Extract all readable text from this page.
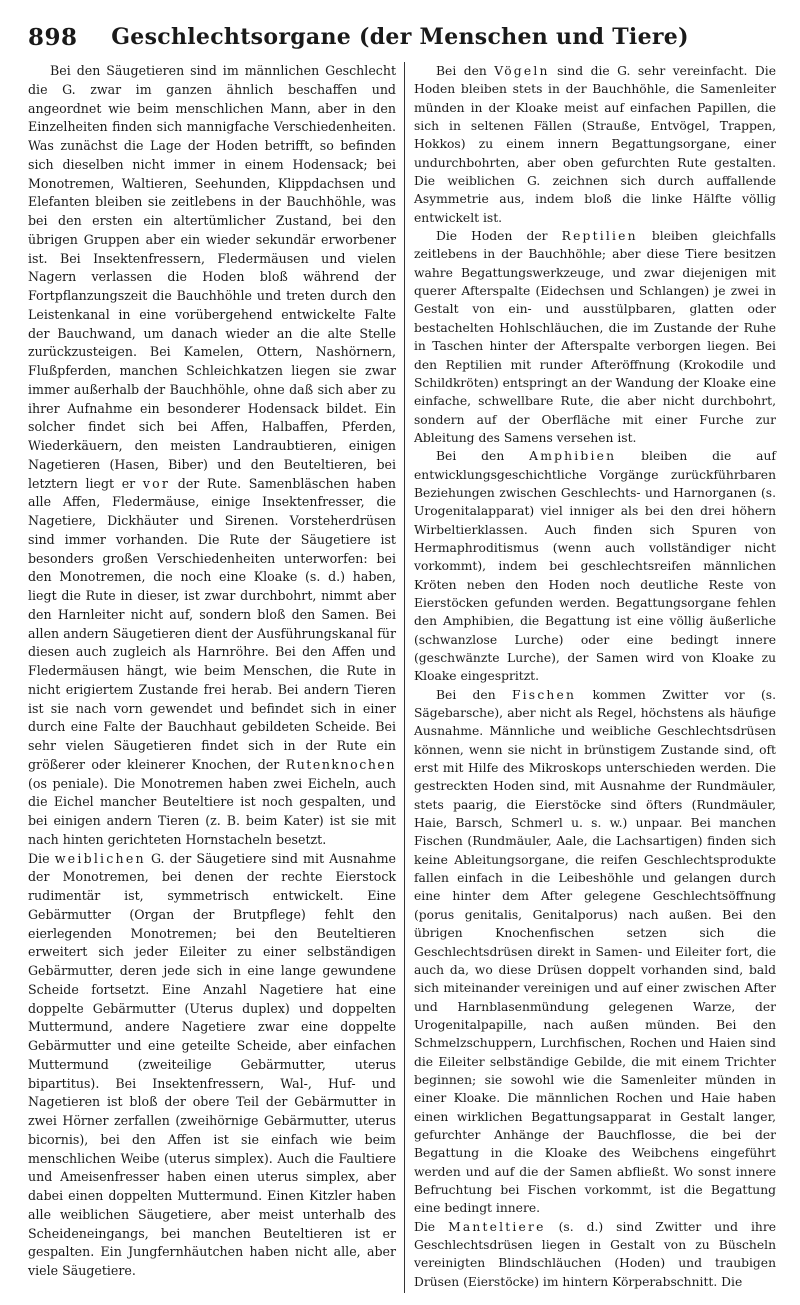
898	Geschlechtsorgane (der Menschen und Tiere)

Bei den Säugetieren sind im männlichen Geschlecht die G. zwar im ganzen ähnlich beschaffen und angeordnet wie beim menschlichen Mann, aber in den Einzelheiten finden sich mannigfache Verschiedenheiten. Was zunächst die Lage der Hoden betrifft, so befinden sich dieselben nicht immer in einem Hodensack; bei Monotremen, Waltieren, Seehunden, Klippdachsen und Elefanten bleiben sie zeitlebens in der Bauchhöhle, was bei den ersten ein altertümlicher Zustand, bei den übrigen Gruppen aber ein wieder sekundär erworbener ist. Bei Insektenfressern, Fledermäusen und vielen Nagern verlassen die Hoden bloß während der Fortpflanzungszeit die Bauchhöhle und treten durch den Leistenkanal in eine vorübergehend entwickelte Falte der Bauchwand, um danach wieder an die alte Stelle zurückzusteigen. Bei Kamelen, Ottern, Nashörnern, Flußpferden, manchen Schleichkatzen liegen sie zwar immer außerhalb der Bauchhöhle, ohne daß sich aber zu ihrer Aufnahme ein besonderer Hodensack bildet. Ein solcher findet sich bei Affen, Halbaffen, Pferden, Wiederkäuern, den meisten Landraubtieren, einigen Nagetieren (Hasen, Biber) und den Beuteltieren, bei letztern liegt er vor der Rute. Samenbläschen haben alle Affen, Fledermäuse, einige Insektenfresser, die Nagetiere, Dickhäuter und Sirenen. Vorsteherdrüsen sind immer vorhanden. Die Rute der Säugetiere ist besonders großen Verschiedenheiten unterworfen: bei den Monotremen, die noch eine Kloake (s. d.) haben, liegt die Rute in dieser, ist zwar durchbohrt, nimmt aber den Harnleiter nicht auf, sondern bloß den Samen. Bei allen andern Säugetieren dient der Ausführungskanal für diesen auch zugleich als Harnröhre. Bei den Affen und Fledermäusen hängt, wie beim Menschen, die Rute in nicht erigiertem Zustande frei herab. Bei andern Tieren ist sie nach vorn gewendet und befindet sich in einer durch eine Falte der Bauchhaut gebildeten Scheide. Bei sehr vielen Säugetieren findet sich in der Rute ein größerer oder kleinerer Knochen, der Rutenknochen (os peniale). Die Monotremen haben zwei Eicheln, auch die Eichel mancher Beuteltiere ist noch gespalten, und bei einigen andern Tieren (z. B. beim Kater) ist sie mit nach hinten gerichteten Hornstacheln besetzt.

Die weiblichen G. der Säugetiere sind mit Ausnahme der Monotremen, bei denen der rechte Eierstock rudimentär ist, symmetrisch entwickelt. Eine Gebärmutter (Organ der Brutpflege) fehlt den eierlegenden Monotremen; bei den Beuteltieren erweitert sich jeder Eileiter zu einer selbständigen Gebärmutter, deren jede sich in eine lange gewundene Scheide fortsetzt. Eine Anzahl Nagetiere hat eine doppelte Gebärmutter (Uterus duplex) und doppelten Muttermund, andere Nagetiere zwar eine doppelte Gebärmutter und eine geteilte Scheide, aber einfachen Muttermund (zweiteilige Gebärmutter, uterus bipartitus). Bei Insektenfressern, Wal-, Huf- und Nagetieren ist bloß der obere Teil der Gebärmutter in zwei Hörner zerfallen (zweihörnige Gebärmutter, uterus bicornis), bei den Affen ist sie einfach wie beim menschlichen Weibe (uterus simplex). Auch die Faultiere und Ameisenfresser haben einen uterus simplex, aber dabei einen doppelten Muttermund. Einen Kitzler haben alle weiblichen Säugetiere, aber meist unterhalb des Scheideneingangs, bei manchen Beuteltieren ist er gespalten. Ein Jungfernhäutchen haben nicht alle, aber viele Säugetiere.

Bei den Vögeln sind die G. sehr vereinfacht. Die Hoden bleiben stets in der Bauchhöhle, die Samenleiter münden in der Kloake meist auf einfachen Papillen, die sich in seltenen Fällen (Strauße, Entvögel, Trappen, Hokkos) zu einem innern Begattungsorgane, einer undurchbohrten, aber oben gefurchten Rute gestalten. Die weiblichen G. zeichnen sich durch auffallende Asymmetrie aus, indem bloß die linke Hälfte völlig entwickelt ist.

Die Hoden der Reptilien bleiben gleichfalls zeitlebens in der Bauchhöhle; aber diese Tiere besitzen wahre Begattungswerkzeuge, und zwar diejenigen mit querer Afterspalte (Eidechsen und Schlangen) je zwei in Gestalt von ein- und ausstülpbaren, glatten oder bestachelten Hohlschläuchen, die im Zustande der Ruhe in Taschen hinter der Afterspalte verborgen liegen. Bei den Reptilien mit runder Afteröffnung (Krokodile und Schildkröten) entspringt an der Wandung der Kloake eine einfache, schwellbare Rute, die aber nicht durchbohrt, sondern auf der Oberfläche mit einer Furche zur Ableitung des Samens versehen ist.

Bei den Amphibien bleiben die auf entwicklungsgeschichtliche Vorgänge zurückführbaren Beziehungen zwischen Geschlechts- und Harnorganen (s. Urogenitalapparat) viel inniger als bei den drei höhern Wirbeltierklassen. Auch finden sich Spuren von Hermaphroditismus (wenn auch vollständiger nicht vorkommt), indem bei geschlechtsreifen männlichen Kröten neben den Hoden noch deutliche Reste von Eierstöcken gefunden werden. Begattungsorgane fehlen den Amphibien, die Begattung ist eine völlig äußerliche (schwanzlose Lurche) oder eine bedingt innere (geschwänzte Lurche), der Samen wird von Kloake zu Kloake eingespritzt.

Bei den Fischen kommen Zwitter vor (s. Sägebarsche), aber nicht als Regel, höchstens als häufige Ausnahme. Männliche und weibliche Geschlechtsdrüsen können, wenn sie nicht in brünstigem Zustande sind, oft erst mit Hilfe des Mikroskops unterschieden werden. Die gestreckten Hoden sind, mit Ausnahme der Rundmäuler, stets paarig, die Eierstöcke sind öfters (Rundmäuler, Haie, Barsch, Schmerl u. s. w.) unpaar. Bei manchen Fischen (Rundmäuler, Aale, die Lachsartigen) finden sich keine Ableitungsorgane, die reifen Geschlechtsprodukte fallen einfach in die Leibeshöhle und gelangen durch eine hinter dem After gelegene Geschlechtsöffnung (porus genitalis, Genitalporus) nach außen. Bei den übrigen Knochenfischen setzen sich die Geschlechtsdrüsen direkt in Samen- und Eileiter fort, die auch da, wo diese Drüsen doppelt vorhanden sind, bald sich miteinander vereinigen und auf einer zwischen After und Harnblasenmündung gelegenen Warze, der Urogenitalpapille, nach außen münden. Bei den Schmelzschuppern, Lurchfischen, Rochen und Haien sind die Eileiter selbständige Gebilde, die mit einem Trichter beginnen; sie sowohl wie die Samenleiter münden in einer Kloake. Die männlichen Rochen und Haie haben einen wirklichen Begattungsapparat in Gestalt langer, gefurchter Anhänge der Bauchflosse, die bei der Begattung in die Kloake des Weibchens eingeführt werden und auf die der Samen abfließt. Wo sonst innere Befruchtung bei Fischen vorkommt, ist die Begattung eine bedingt innere.

Die Manteltiere (s. d.) sind Zwitter und ihre Geschlechtsdrüsen liegen in Gestalt von zu Büscheln vereinigten Blindschläuchen (Hoden) und traubigen Drüsen (Eierstöcke) im hintern Körperabschnitt. Die
